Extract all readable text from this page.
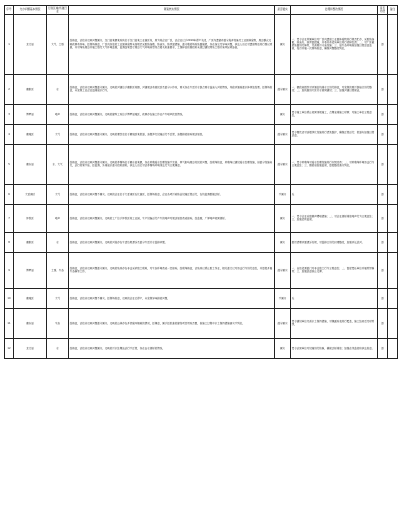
序号	交办问题基本情况	行政区域/所属行业	调查核实情况	是否属实	处理和整改情况	是否办结	备注
1	龙门县	大气、土壤	经核查，该信访反映问题属实。龙门县某镇某地块位于龙门县某工业园区内，原为某企业厂区，该企业已于2019年停产关闭，厂区内遗留有部分废弃设备及工业固体废物，周边群众反映夜间有异味。经现场核查，厂区内存放的工业固体废物未按规范采取防扬散、防流失、防渗漏措施，部分堆放场地地面破损，存在扬尘及异味问题。执法人员已对遗留物品进行登记造册，并对场地周边开展土壤及大气环境监测，监测结果显示周边大气环境质量符合相关标准要求，土壤样品检测指标未超过建设用地土壤污染风险筛选值。	属实	一、责令企业所属单位对厂区内遗留工业固体废物进行规范贮存，采取防扬散、防流失、防渗漏措施，并委托有资质单位进行转移处置；二、对厂区破损地面进行修复，完善雨污分流设施；三、县生态环境局加强日常巡查监管，每月开展一次现场检查，确保问题整改到位。	是	
2	惠阳区	水	经核查，该信访反映问题部分属实。反映的河涌位于惠阳区某镇，河涌周边有居民区及部分小作坊，雨天存在生活污水混合雨水溢流入河的情况，导致河涌局部水体浑浊发黑。经现场检查，未发现工业企业直排废水行为。	部分属实	一、镇政府组织对河涌沿线排水口进行排查，对发现的雨污混接点进行整改；二、加快推进片区污水管网建设；三、加强河涌日常保洁。	是	
3	博罗县	噪声	经核查，该信访反映问题属实。反映的建筑工地位于博罗县城区，夜间存在施工作业产生噪声扰民情况。	属实	责令施工单位停止夜间违规施工，合理安排施工时间；对施工单位立案查处。	是	
4	惠城区	大气	经核查，该信访反映问题部分属实。反映的餐饮店位于惠城区某街道，油烟净化设施运行不正常，油烟排放影响周边居民。	部分属实	责令餐饮店对油烟净化设施进行清洗维护，确保正常运行；街道办加强日常巡查。	是	
5	惠东县	水、大气	经核查，该信访反映问题部分属实。反映的养殖场位于惠东县某镇，存在养殖废水处理设施不完善、臭气影响周边村民的问题。经现场检查，养殖场已建设废水处理设施，但部分设施老化，运行效果不佳。经监测，外排废水部分指标超标。执法人员已对该养殖场环境违法行为立案调查。	部分属实	一、责令养殖场对废水处理设施进行升级改造；二、对养殖场环境违法行为立案查处；三、镇政府加强监管，督促整改落实到位。	是	
6	大亚湾区	大气	经核查，该信访反映问题不属实。反映的企业位于大亚湾区石化园区，经现场检查，企业各项污染防治设施正常运行，在线监测数据达标。	不属实	无	是	
7	仲恺区	噪声	经核查，该信访反映问题属实。反映的工厂位于仲恺区某工业园，生产设备运行产生的噪声对周边居民造成影响。经监测，厂界噪声夜间超标。	属实	一、责令企业采取隔声降噪措施；二、对企业超标排放噪声行为立案查处；三、加强后续监管。	是	
8	惠阳区	水	经核查，该信访反映问题属实。反映的河段存在生活垃圾漂浮及部分生活污水直排问题。	属实	组织清理河面漂浮垃圾，对直排口进行封堵整改，加强河长巡河。	是	
9	博罗县	土壤、生态	经核查，该信访反映问题部分属实。反映的地块存在非法采砂取土现象，对生态环境造成一定影响。经现场核查，该地块已停止取土作业，相关部门已对违法行为进行查处，并督促开展生态修复工作。	部分属实	一、自然资源部门对非法取土行为立案查处；二、督促责任单位开展复绿修复；三、加强巡查防止反弹。	是	
10	惠城区	大气	经核查，该信访反映问题不属实。经现场检查，反映的企业已停产，未发现异味排放问题。	不属实	无	是	
11	惠东县	生态	经核查，该信访反映问题部分属实。反映的山体存在开挖破坏植被的情况，经调查，属于经批准的建设项目用地范围，但施工过程中水土保持措施落实不到位。	部分属实	责令建设单位完善水土保持措施，对裸露地表进行覆盖，施工结束后及时复绿。	是	
12	龙门县	水	经核查，该信访反映问题属实。反映的污水处理站运行不正常，存在出水超标的情况。	属实	责令运营单位对设施进行检修，确保达标排放；加强在线监控和执法检查。	是	
